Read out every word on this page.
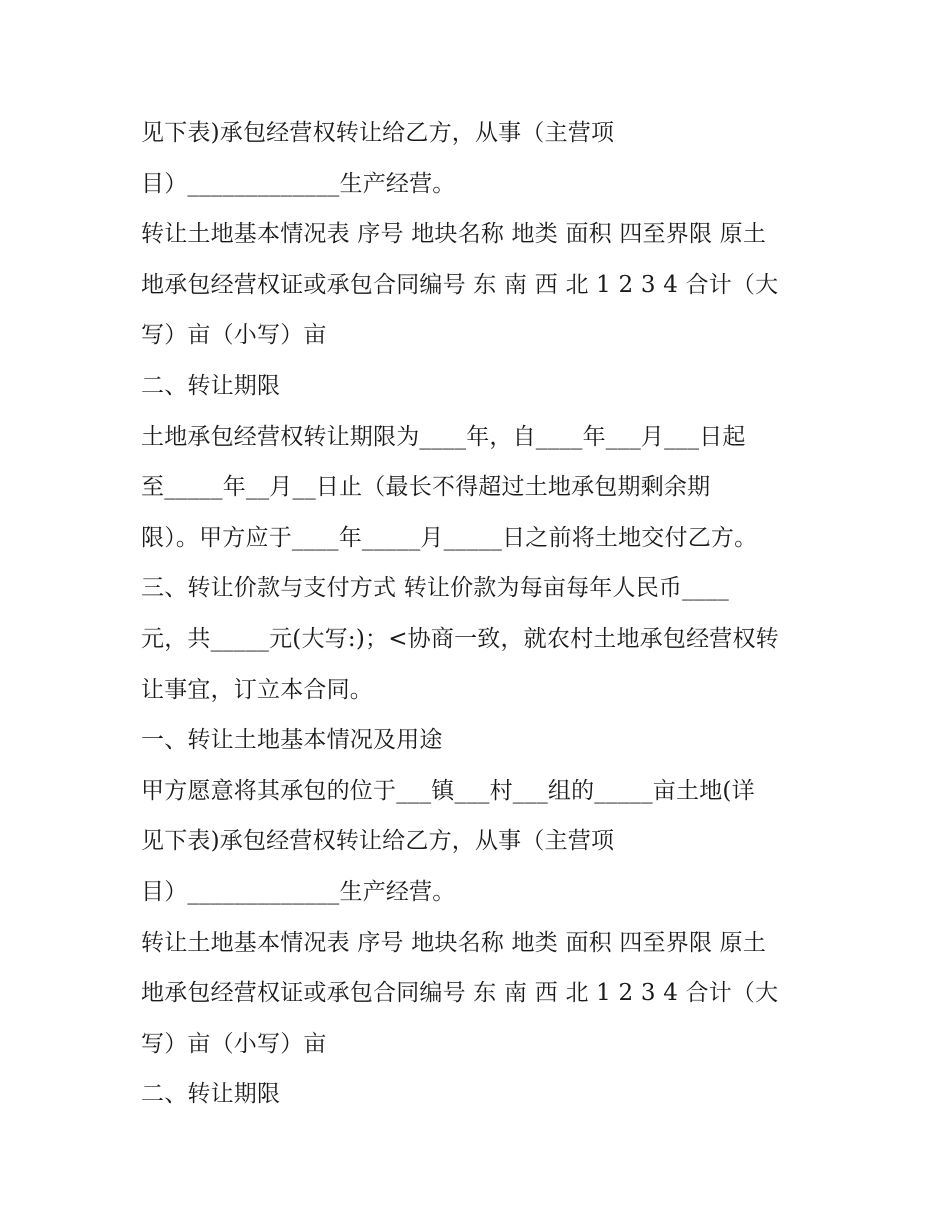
见下表)承包经营权转让给乙方，从事（主营项
目）_____________生产经营。
转让土地基本情况表 序号 地块名称 地类 面积 四至界限 原土
地承包经营权证或承包合同编号 东 南 西 北 1 2 3 4 合计（大
写）亩（小写）亩
二、转让期限
土地承包经营权转让期限为____年，自____年___月___日起
至_____年__月__日止（最长不得超过土地承包期剩余期
限）。甲方应于____年_____月_____日之前将土地交付乙方。
三、转让价款与支付方式 转让价款为每亩每年人民币____
元，共_____元(大写:)；<协商一致，就农村土地承包经营权转
让事宜，订立本合同。
一、转让土地基本情况及用途
甲方愿意将其承包的位于___镇___村___组的_____亩土地(详
见下表)承包经营权转让给乙方，从事（主营项
目）_____________生产经营。
转让土地基本情况表 序号 地块名称 地类 面积 四至界限 原土
地承包经营权证或承包合同编号 东 南 西 北 1 2 3 4 合计（大
写）亩（小写）亩
二、转让期限
